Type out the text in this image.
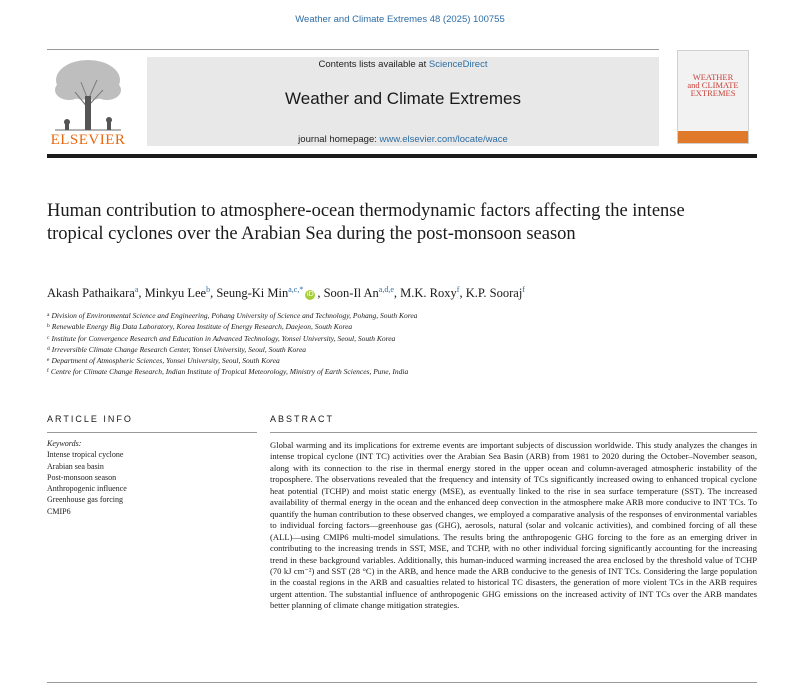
Weather and Climate Extremes 48 (2025) 100755
ELSEVIER
Contents lists available at ScienceDirect
Weather and Climate Extremes
journal homepage: www.elsevier.com/locate/wace
WEATHER
and CLIMATE
EXTREMES
Human contribution to atmosphere-ocean thermodynamic factors affecting the intense tropical cyclones over the Arabian Sea during the post-monsoon season
Akash Pathaikara$^a$, Minkyu Lee$^b$, Seung-Ki Min$^{a,c,*}$iD , Soon-Il An$^{a,d,e}$, M.K. Roxy$^f$, K.P. Sooraj$^f$
$^a$ Division of Environmental Science and Engineering, Pohang University of Science and Technology, Pohang, South Korea
$^b$ Renewable Energy Big Data Laboratory, Korea Institute of Energy Research, Daejeon, South Korea
$^c$ Institute for Convergence Research and Education in Advanced Technology, Yonsei University, Seoul, South Korea
$^d$ Irreversible Climate Change Research Center, Yonsei University, Seoul, South Korea
$^e$ Department of Atmospheric Sciences, Yonsei University, Seoul, South Korea
$^f$ Centre for Climate Change Research, Indian Institute of Tropical Meteorology, Ministry of Earth Sciences, Pune, India
ARTICLE INFO
Keywords:
Intense tropical cyclone
Arabian sea basin
Post-monsoon season
Anthropogenic influence
Greenhouse gas forcing
CMIP6
ABSTRACT
Global warming and its implications for extreme events are important subjects of discussion worldwide. This study analyzes the changes in intense tropical cyclone (INT TC) activities over the Arabian Sea Basin (ARB) from 1981 to 2020 during the October–November season, along with its connection to the rise in thermal energy stored in the upper ocean and column-averaged atmospheric instability of the troposphere. The observations revealed that the frequency and intensity of TCs significantly increased owing to enhanced tropical cyclone heat potential (TCHP) and moist static energy (MSE), as eventually linked to the rise in sea surface temperature (SST). The increased availability of thermal energy in the ocean and the enhanced deep convection in the atmosphere make ARB more conducive to INT TCs. To quantify the human contribution to these observed changes, we employed a comparative analysis of the responses of environmental variables to individual forcing factors—greenhouse gas (GHG), aerosols, natural (solar and volcanic activities), and combined forcing of all these (ALL)—using CMIP6 multi-model simulations. The results bring the anthropogenic GHG forcing to the fore as an emerging driver in contributing to the increasing trends in SST, MSE, and TCHP, with no other individual forcing significantly accounting for the increasing trend in these background variables. Additionally, this human-induced warming increased the area enclosed by the threshold value of TCHP (70 kJ cm⁻²) and SST (28 °C) in the ARB, and hence made the ARB conducive to the genesis of INT TCs. Considering the large population in the coastal regions in the ARB and casualties related to historical TC disasters, the generation of more violent TCs in the ARB requires urgent attention. The substantial influence of anthropogenic GHG emissions on the increased activity of INT TCs over the ARB mandates better planning of climate change mitigation strategies.
